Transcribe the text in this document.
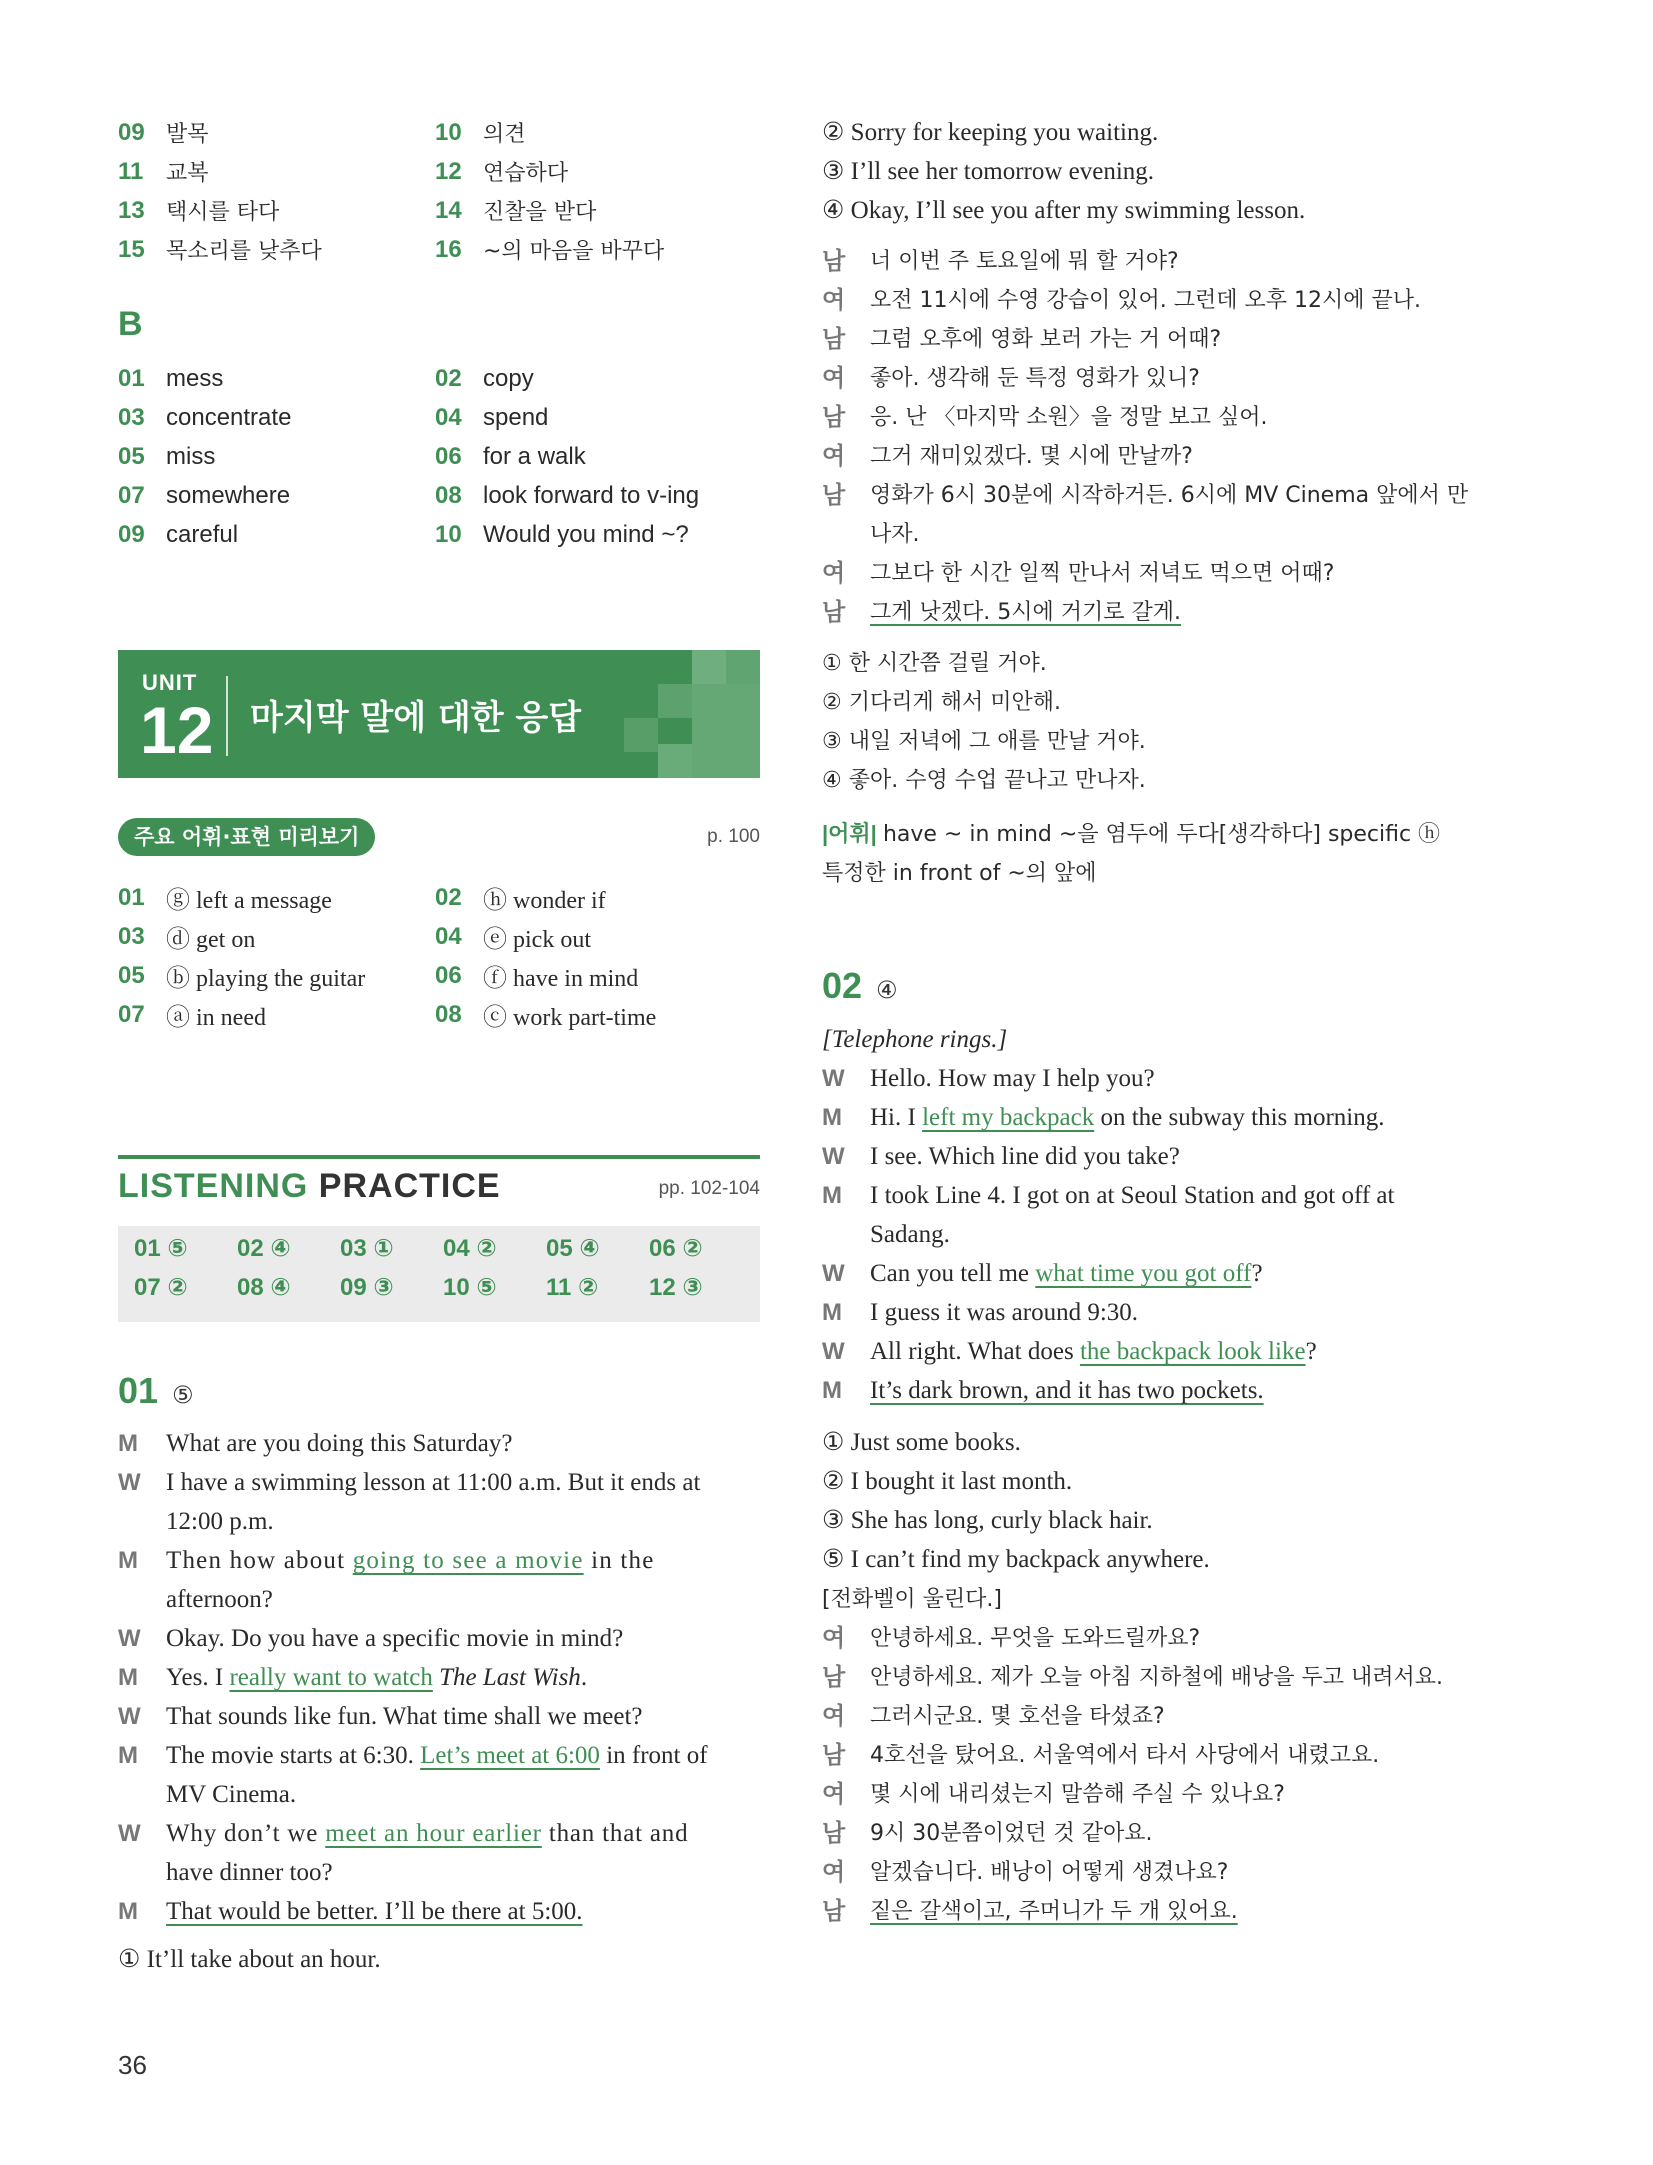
09 발목	10 의견
11	교복	12 연습하다
13 택시를 타다	14 진찰을 받다
15 목소리를 낮추다	16 ~의 마음을 바꾸다
B
01 mess	02 copy
03 concentrate	04 spend
05 miss	06 for a walk
07 somewhere	08 look forward to v-ing
09 careful	10 Would you mind ~?
UNIT
12 마지막 말에 대한 응답
주요 어휘·표현 미리보기	p. 100
01 ⓖ left a message	02 ⓗ wonder if
03 ⓓ get on	04 ⓔ pick out
05 ⓑ playing the guitar	06 ⓕ have in mind
07 ⓐ in need	08 ⓒ work part-time
LISTENING PRACTICE	pp. 102-104
01 ⑤	02 ④	03 ①	04 ②	05 ④	06 ②
07 ②	08 ④	09 ③	10 ⑤	11 ②	12 ③
01 ⑤
M	What are you doing this Saturday?
W	I have a swimming lesson at 11:00 a.m. But it ends at
12:00 p.m.
M	Then how about going to see a movie in the
afternoon?
W	Okay. Do you have a specific movie in mind?
M	Yes. I really want to watch The Last Wish.
W	That sounds like fun. What time shall we meet?
M	The movie starts at 6:30. Let’s meet at 6:00 in front of
MV Cinema.
W	Why don’t we meet an hour earlier than that and
have dinner too?
M	That would be better. I’ll be there at 5:00.
① It’ll take about an hour.
36
② Sorry for keeping you waiting.
③ I’ll see her tomorrow evening.
④ Okay, I’ll see you after my swimming lesson.
남	너 이번 주 토요일에 뭐 할 거야?
여	오전 11시에 수영 강습이 있어. 그런데 오후 12시에 끝나.
남	그럼 오후에 영화 보러 가는 거 어때?
여	좋아. 생각해 둔 특정 영화가 있니?
남	응. 난 〈마지막 소원〉을 정말 보고 싶어.
여	그거 재미있겠다. 몇 시에 만날까?
남	영화가 6시 30분에 시작하거든. 6시에 MV Cinema 앞에서 만
나자.
여	그보다 한 시간 일찍 만나서 저녁도 먹으면 어때?
남	그게 낫겠다. 5시에 거기로 갈게.
① 한 시간쯤 걸릴 거야.
② 기다리게 해서 미안해.
③ 내일 저녁에 그 애를 만날 거야.
④ 좋아. 수영 수업 끝나고 만나자.
|어휘| have ~ in mind ~을 염두에 두다[생각하다] specific ⓗ
특정한 in front of ~의 앞에
02 ④
[Telephone rings.]
W	Hello. How may I help you?
M	Hi. I left my backpack on the subway this morning.
W	I see. Which line did you take?
M	I took Line 4. I got on at Seoul Station and got off at
Sadang.
W	Can you tell me what time you got off?
M	I guess it was around 9:30.
W	All right. What does the backpack look like?
M	It’s dark brown, and it has two pockets.
① Just some books.
② I bought it last month.
③ She has long, curly black hair.
⑤ I can’t find my backpack anywhere.
[전화벨이 울린다.]
여	안녕하세요. 무엇을 도와드릴까요?
남	안녕하세요. 제가 오늘 아침 지하철에 배낭을 두고 내려서요.
여	그러시군요. 몇 호선을 타셨죠?
남	4호선을 탔어요. 서울역에서 타서 사당에서 내렸고요.
여	몇 시에 내리셨는지 말씀해 주실 수 있나요?
남	9시 30분쯤이었던 것 같아요.
여	알겠습니다. 배낭이 어떻게 생겼나요?
남	짙은 갈색이고, 주머니가 두 개 있어요.
